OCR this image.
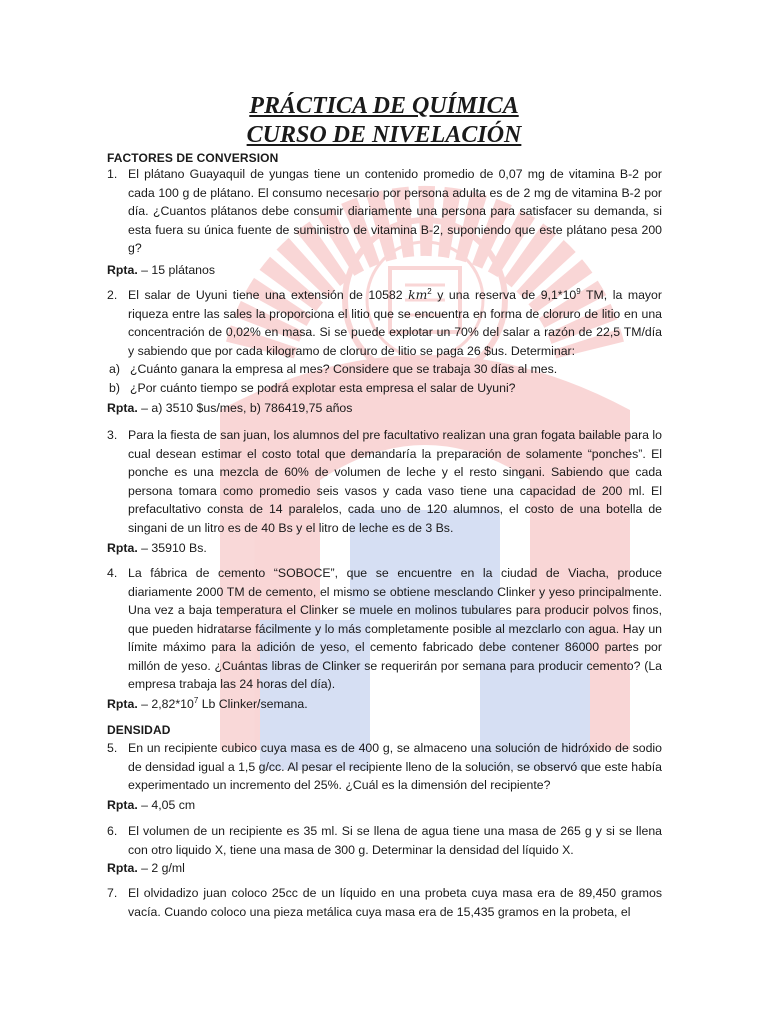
PRÁCTICA DE QUÍMICA
CURSO DE NIVELACIÓN
FACTORES DE CONVERSION
1. El plátano Guayaquil de yungas tiene un contenido promedio de 0,07 mg de vitamina B-2 por cada 100 g de plátano. El consumo necesario por persona adulta es de 2 mg de vitamina B-2 por día. ¿Cuantos plátanos debe consumir diariamente una persona para satisfacer su demanda, si esta fuera su única fuente de suministro de vitamina B-2, suponiendo que este plátano pesa 200 g?
Rpta. – 15 plátanos
2. El salar de Uyuni tiene una extensión de 10582 $km^2$ y una reserva de $9,1*10^9$ TM, la mayor riqueza entre las sales la proporciona el litio que se encuentra en forma de cloruro de litio en una concentración de 0,02% en masa. Si se puede explotar un 70% del salar a razón de 22,5 TM/día y sabiendo que por cada kilogramo de cloruro de litio se paga 26 $us. Determinar:
a) ¿Cuánto ganara la empresa al mes? Considere que se trabaja 30 días al mes.
b) ¿Por cuánto tiempo se podrá explotar esta empresa el salar de Uyuni?
Rpta. – a) 3510 $us/mes, b) 786419,75 años
3. Para la fiesta de san juan, los alumnos del pre facultativo realizan una gran fogata bailable para lo cual desean estimar el costo total que demandaría la preparación de solamente “ponches”. El ponche es una mezcla de 60% de volumen de leche y el resto singani. Sabiendo que cada persona tomara como promedio seis vasos y cada vaso tiene una capacidad de 200 ml. El prefacultativo consta de 14 paralelos, cada uno de 120 alumnos, el costo de una botella de singani de un litro es de 40 Bs y el litro de leche es de 3 Bs.
Rpta. – 35910 Bs.
4. La fábrica de cemento “SOBOCE”, que se encuentre en la ciudad de Viacha, produce diariamente 2000 TM de cemento, el mismo se obtiene mesclando Clinker y yeso principalmente. Una vez a baja temperatura el Clinker se muele en molinos tubulares para producir polvos finos, que pueden hidratarse fácilmente y lo más completamente posible al mezclarlo con agua. Hay un límite máximo para la adición de yeso, el cemento fabricado debe contener 86000 partes por millón de yeso. ¿Cuántas libras de Clinker se requerirán por semana para producir cemento? (La empresa trabaja las 24 horas del día).
Rpta. – $2,82*10^7$ Lb Clinker/semana.
DENSIDAD
5. En un recipiente cubico cuya masa es de 400 g, se almaceno una solución de hidróxido de sodio de densidad igual a 1,5 g/cc. Al pesar el recipiente lleno de la solución, se observó que este había experimentado un incremento del 25%. ¿Cuál es la dimensión del recipiente?
Rpta. – 4,05 cm
6. El volumen de un recipiente es 35 ml. Si se llena de agua tiene una masa de 265 g y si se llena con otro liquido X, tiene una masa de 300 g. Determinar la densidad del líquido X.
Rpta. – 2 g/ml
7. El olvidadizo juan coloco 25cc de un líquido en una probeta cuya masa era de 89,450 gramos vacía. Cuando coloco una pieza metálica cuya masa era de 15,435 gramos en la probeta, el
